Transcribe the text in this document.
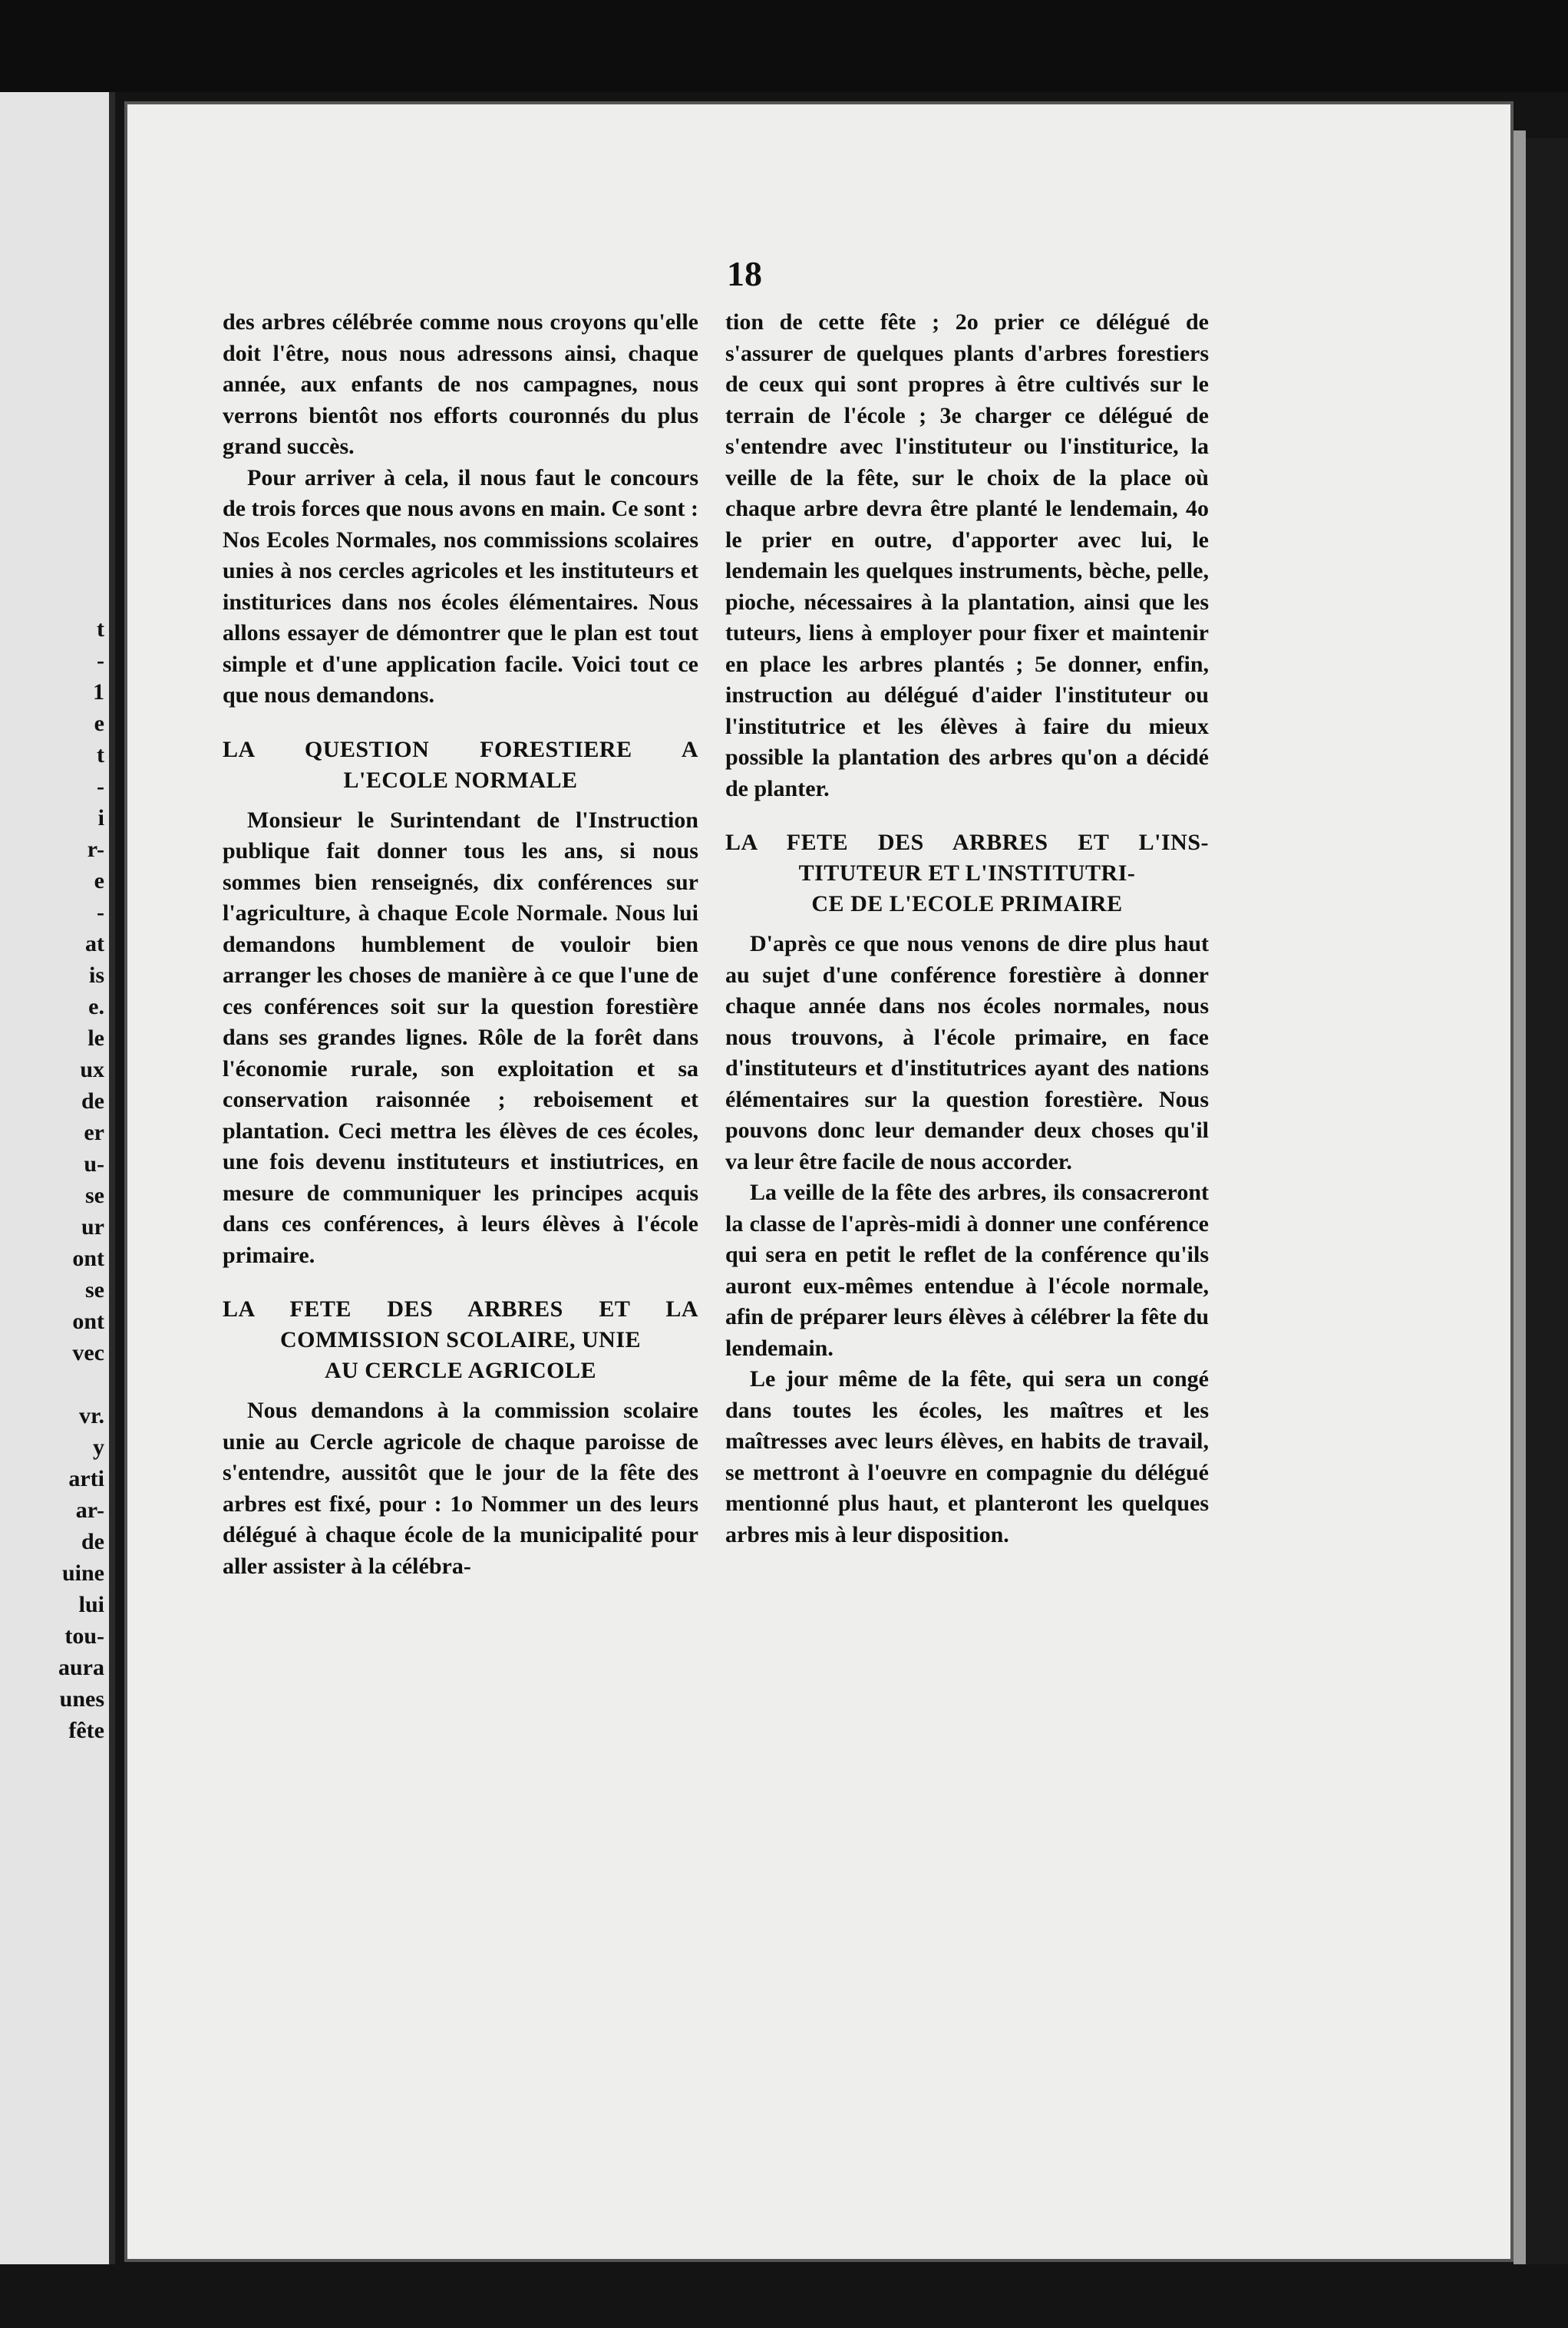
t
-
1
e
t
-
i
r-
e
-
at
is
e.
le
ux
de
er
u-
se
ur
ont
se
ont
vec
vr.
y
arti
ar-
de
uine
lui
tou-
aura
unes
fête
18

des arbres célébrée comme nous croyons qu'elle doit l'être, nous nous adressons ainsi, chaque année, aux enfants de nos campagnes, nous verrons bientôt nos efforts couronnés du plus grand succès.

Pour arriver à cela, il nous faut le concours de trois forces que nous avons en main. Ce sont : Nos Ecoles Normales, nos commissions scolaires unies à nos cercles agricoles et les instituteurs et institurices dans nos écoles élémentaires. Nous allons essayer de démontrer que le plan est tout simple et d'une application facile. Voici tout ce que nous demandons.

LA QUESTION FORESTIERE A
L'ECOLE NORMALE

Monsieur le Surintendant de l'Instruction publique fait donner tous les ans, si nous sommes bien renseignés, dix conférences sur l'agriculture, à chaque Ecole Normale. Nous lui demandons humblement de vouloir bien arranger les choses de manière à ce que l'une de ces conférences soit sur la question forestière dans ses grandes lignes. Rôle de la forêt dans l'économie rurale, son exploitation et sa conservation raisonnée ; reboisement et plantation. Ceci mettra les élèves de ces écoles, une fois devenu instituteurs et instiutrices, en mesure de communiquer les principes acquis dans ces conférences, à leurs élèves à l'école primaire.

LA FETE DES ARBRES ET LA
COMMISSION SCOLAIRE, UNIE
AU CERCLE AGRICOLE

Nous demandons à la commission scolaire unie au Cercle agricole de chaque paroisse de s'entendre, aussitôt que le jour de la fête des arbres est fixé, pour : 1o Nommer un des leurs délégué à chaque école de la municipalité pour aller assister à la célébra-

tion de cette fête ; 2o prier ce délégué de s'assurer de quelques plants d'arbres forestiers de ceux qui sont propres à être cultivés sur le terrain de l'école ; 3e charger ce délégué de s'entendre avec l'instituteur ou l'institurice, la veille de la fête, sur le choix de la place où chaque arbre devra être planté le lendemain, 4o le prier en outre, d'apporter avec lui, le lendemain les quelques instruments, bèche, pelle, pioche, nécessaires à la plantation, ainsi que les tuteurs, liens à employer pour fixer et maintenir en place les arbres plantés ; 5e donner, enfin, instruction au délégué d'aider l'instituteur ou l'institutrice et les élèves à faire du mieux possible la plantation des arbres qu'on a décidé de planter.

LA FETE DES ARBRES ET L'INS-
TITUTEUR ET L'INSTITUTRI-
CE DE L'ECOLE PRIMAIRE

D'après ce que nous venons de dire plus haut au sujet d'une conférence forestière à donner chaque année dans nos écoles normales, nous nous trouvons, à l'école primaire, en face d'instituteurs et d'institutrices ayant des nations élémentaires sur la question forestière. Nous pouvons donc leur demander deux choses qu'il va leur être facile de nous accorder.

La veille de la fête des arbres, ils consacreront la classe de l'après-midi à donner une conférence qui sera en petit le reflet de la conférence qu'ils auront eux-mêmes entendue à l'école normale, afin de préparer leurs élèves à célébrer la fête du lendemain.

Le jour même de la fête, qui sera un congé dans toutes les écoles, les maîtres et les maîtresses avec leurs élèves, en habits de travail, se mettront à l'oeuvre en compagnie du délégué mentionné plus haut, et planteront les quelques arbres mis à leur disposition.
